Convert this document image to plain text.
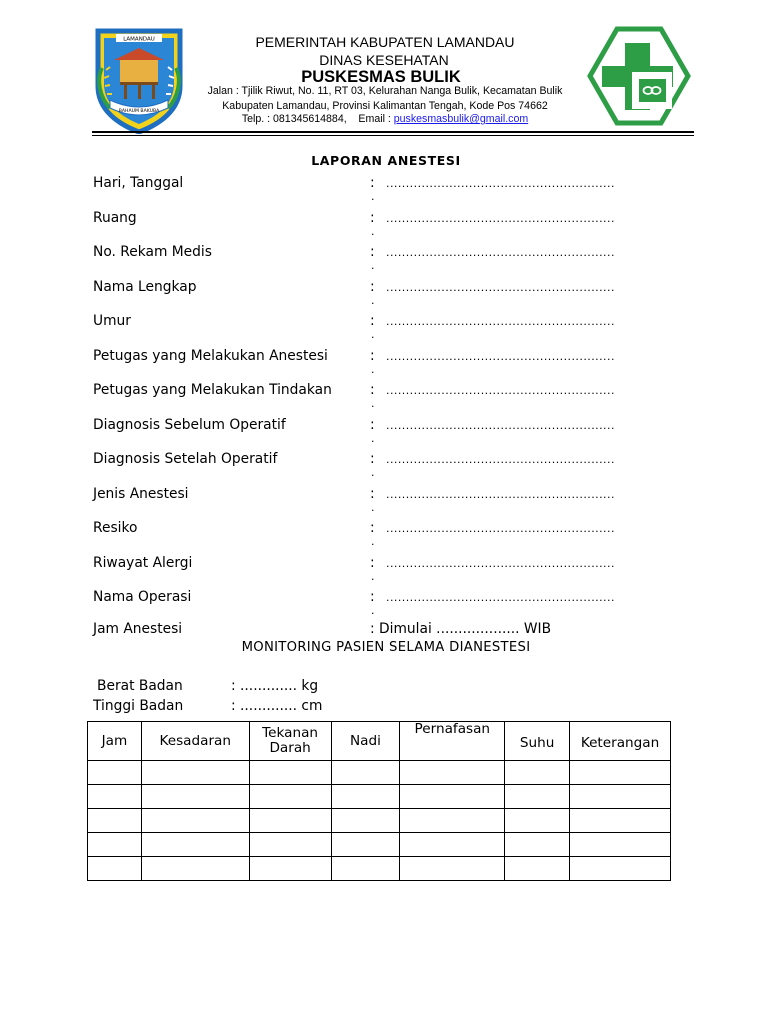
LAMANDAU
BAHAUM BAKUBA
PEMERINTAH KABUPATEN LAMANDAU
DINAS KESEHATAN
PUSKESMAS BULIK
Jalan : Tjilik Riwut, No. 11, RT 03, Kelurahan Nanga Bulik, Kecamatan Bulik
Kabupaten Lamandau, Provinsi Kalimantan Tengah, Kode Pos 74662
Telp. : 081345614884,    Email : puskesmasbulik@gmail.com
LAPORAN ANESTESI
Hari, Tanggal	: ..........................................................
.
Ruang	: ..........................................................
.
No. Rekam Medis	: ..........................................................
.
Nama Lengkap	: ..........................................................
.
Umur	: ..........................................................
.
Petugas yang Melakukan Anestesi	: ..........................................................
.
Petugas yang Melakukan Tindakan	: ..........................................................
.
Diagnosis Sebelum Operatif	: ..........................................................
.
Diagnosis Setelah Operatif	: ..........................................................
.
Jenis Anestesi	: ..........................................................
.
Resiko	: ..........................................................
.
Riwayat Alergi	: ..........................................................
.
Nama Operasi	: ..........................................................
.
Jam Anestesi	: Dimulai ................... WIB
MONITORING PASIEN SELAMA DIANESTESI
Berat Badan	: ............. kg
Tinggi Badan	: ............. cm
Jam	Kesadaran	Tekanan Darah	Nadi	Pernafasan	Suhu	Keterangan
